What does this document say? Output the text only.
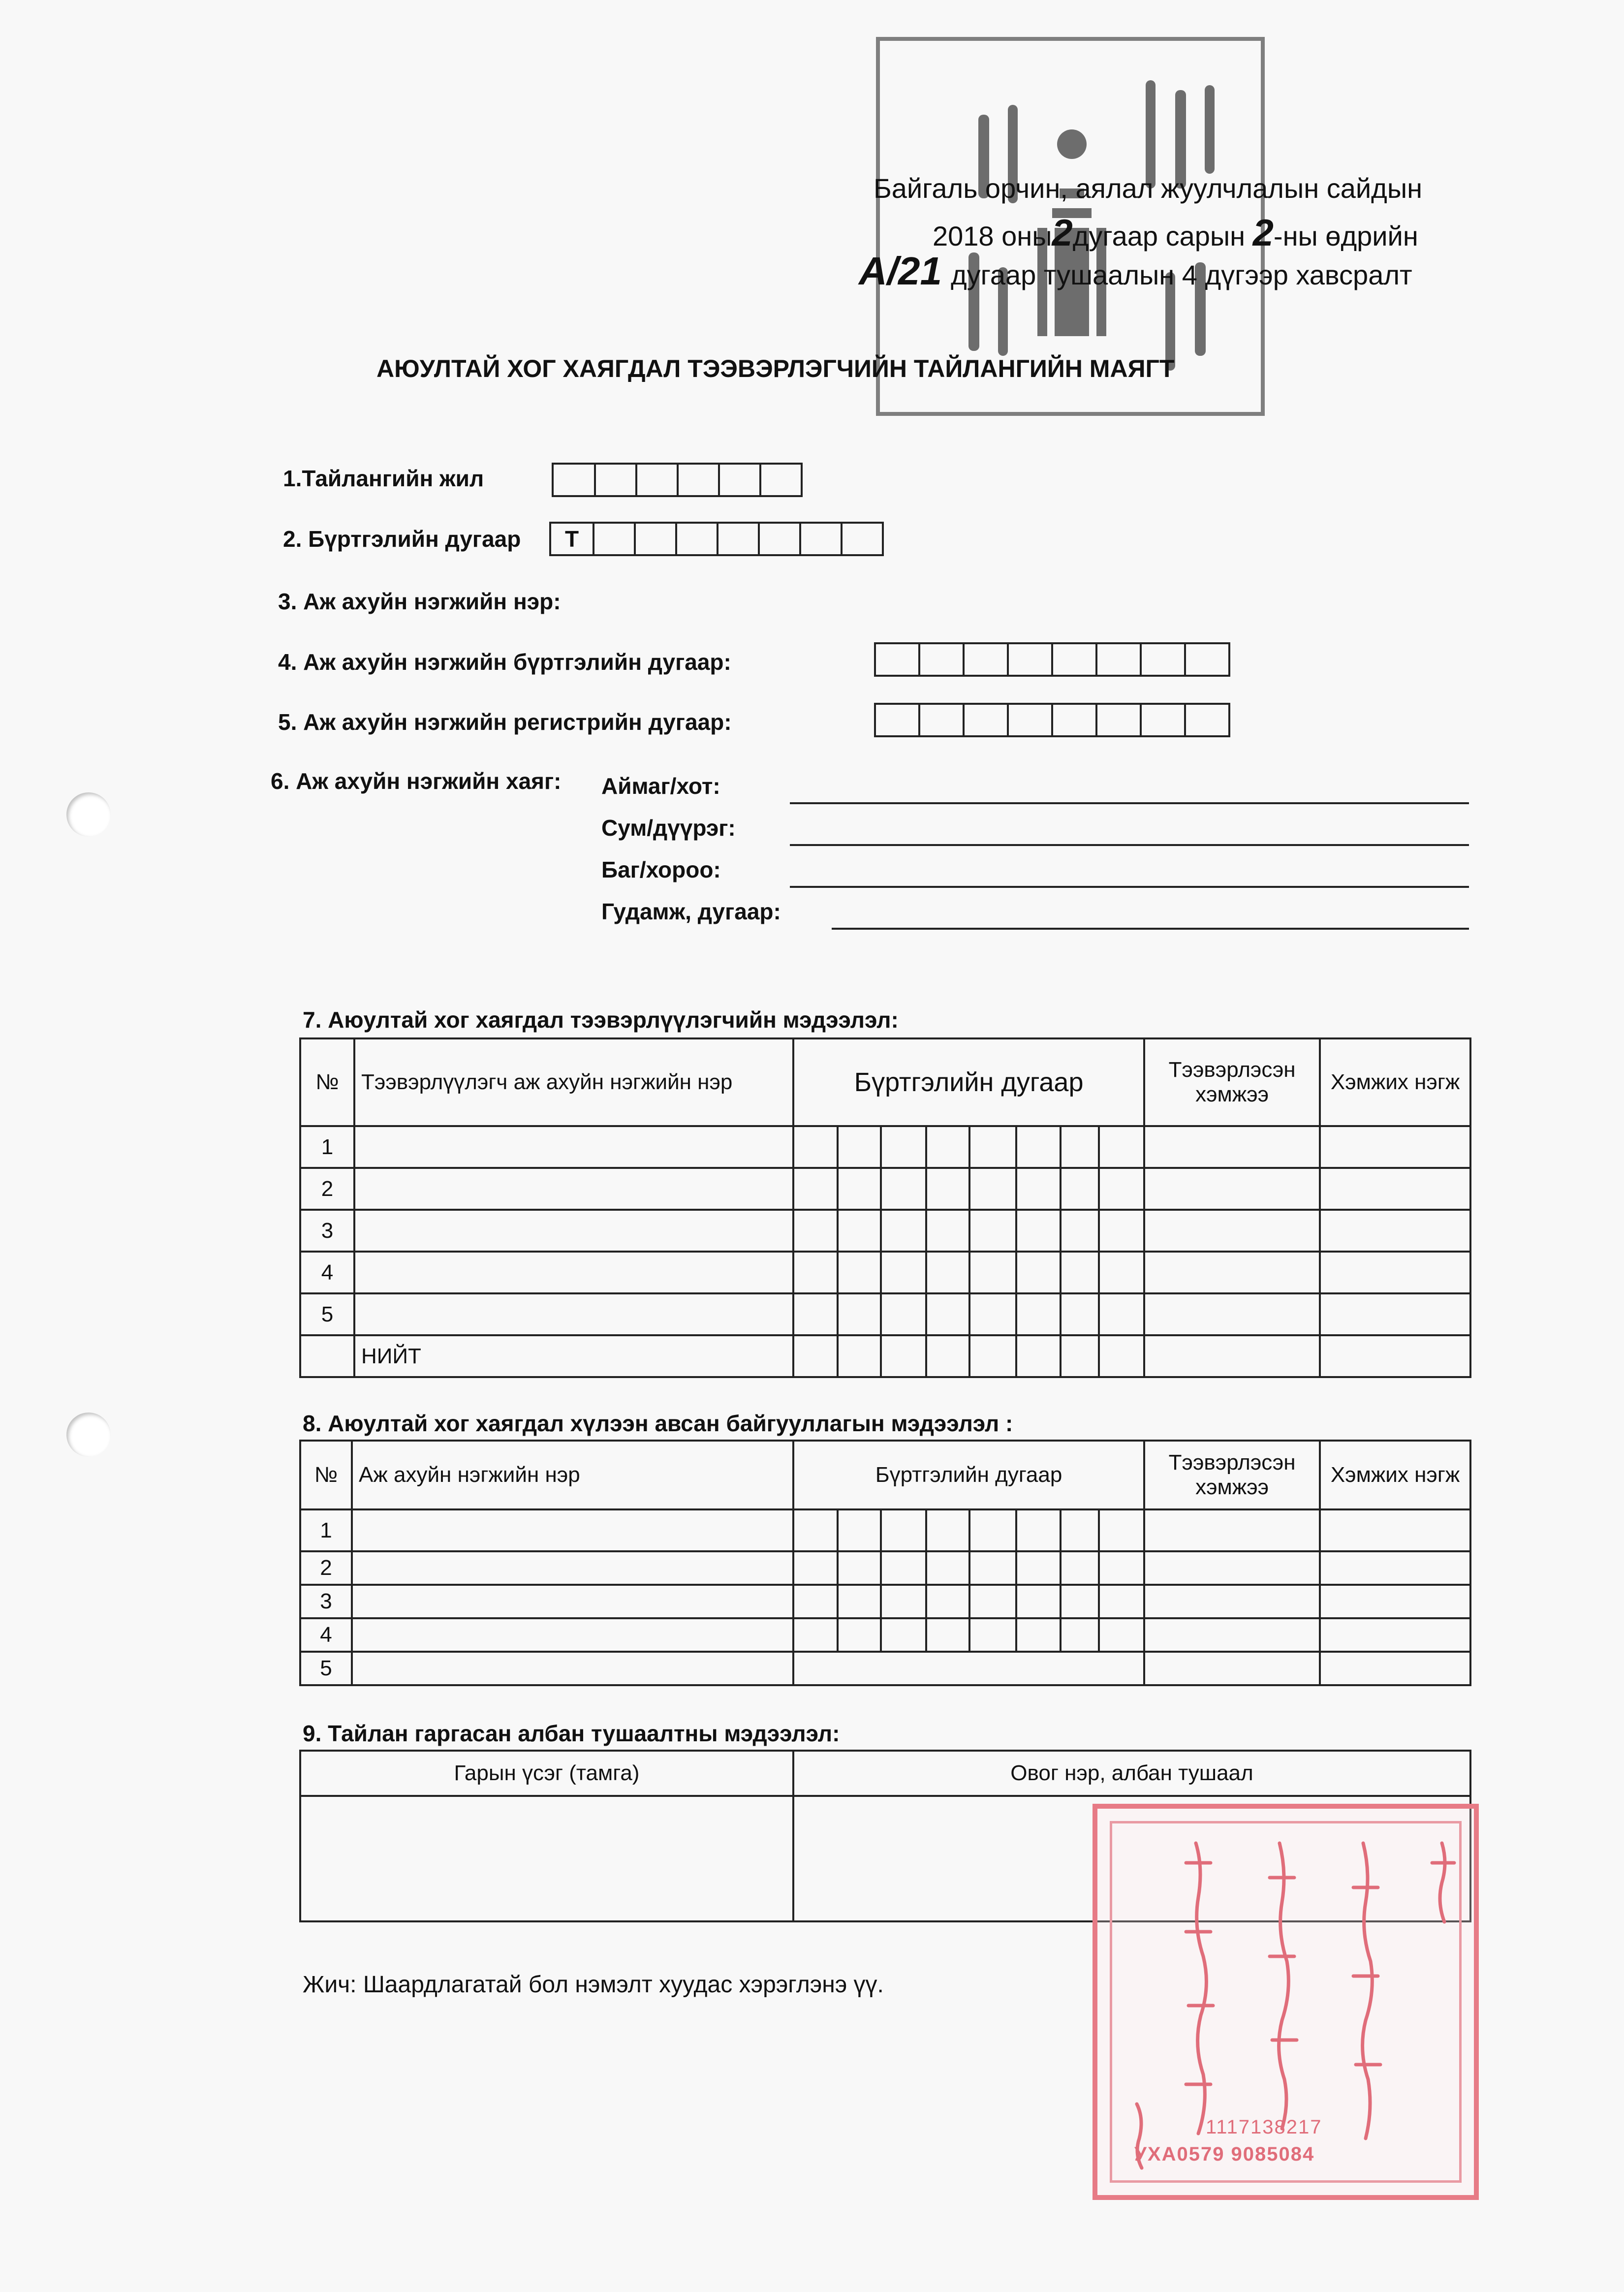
Байгаль орчин, аялал жуулчлалын сайдын
2018 оны2дугаар сарын 2-ны өдрийн
А/21 дугаар тушаалын 4 дүгээр хавсралт
АЮУЛТАЙ ХОГ ХАЯГДАЛ ТЭЭВЭРЛЭГЧИЙН ТАЙЛАНГИЙН МАЯГТ
1.Тайлангийн жил
2. Бүртгэлийн дугаар	Т
3. Аж ахуйн нэгжийн нэр:
4. Аж ахуйн нэгжийн бүртгэлийн дугаар:
5. Аж ахуйн нэгжийн регистрийн дугаар:
6. Аж ахуйн нэгжийн хаяг: Аймаг/хот:
Сум/дүүрэг:
Баг/хороо:
Гудамж, дугаар:
7. Аюултай хог хаягдал тээвэрлүүлэгчийн мэдээлэл:
№	Тээвэрлүүлэгч аж ахуйн нэгжийн нэр	Бүртгэлийн дугаар								Тээвэрлэсэн хэмжээ	Хэмжих нэгж
1											
2											
3											
4											
5											
	НИЙТ										
8. Аюултай хог хаягдал хүлээн авсан байгууллагын мэдээлэл :
№	Аж ахуйн нэгжийн нэр	Бүртгэлийн дугаар								Тээвэрлэсэн хэмжээ	Хэмжих нэгж
1											
2											
3											
4											
5											
9. Тайлан гаргасан албан тушаалтны мэдээлэл:
Гарын үсэг (тамга)	Овог нэр, албан тушаал

Жич: Шаардлагатай бол нэмэлт хуудас хэрэглэнэ үү.
1117138217
УХА0579 9085084
